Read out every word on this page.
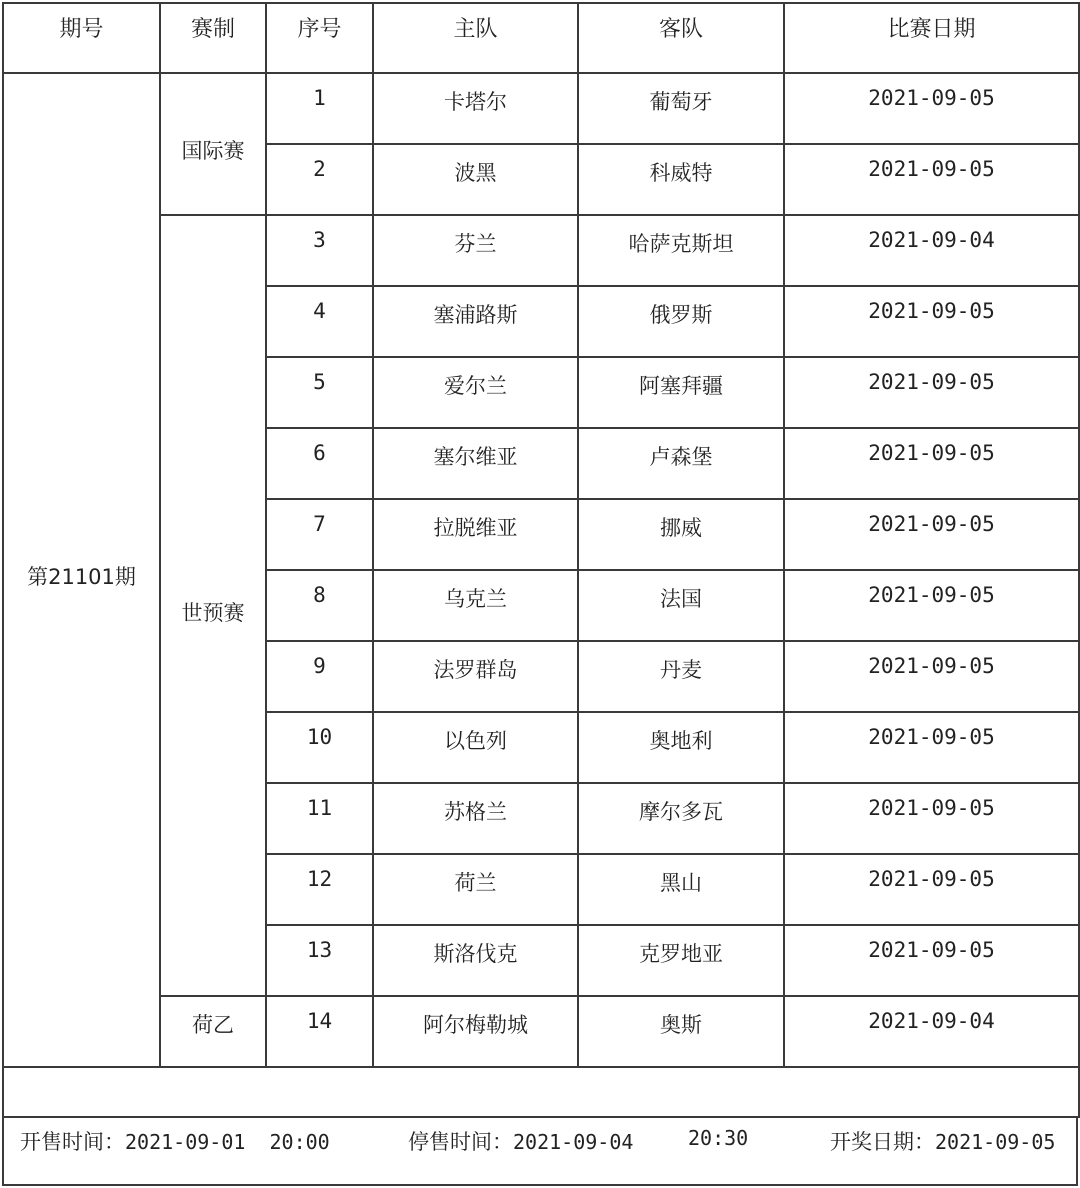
期号	赛制	序号	主队	客队	比赛日期
第21101期	国际赛	1	卡塔尔	葡萄牙	2021-09-05
		2	波黑	科威特	2021-09-05
	世预赛	3	芬兰	哈萨克斯坦	2021-09-04
		4	塞浦路斯	俄罗斯	2021-09-05
		5	爱尔兰	阿塞拜疆	2021-09-05
		6	塞尔维亚	卢森堡	2021-09-05
		7	拉脱维亚	挪威	2021-09-05
		8	乌克兰	法国	2021-09-05
		9	法罗群岛	丹麦	2021-09-05
		10	以色列	奥地利	2021-09-05
		11	苏格兰	摩尔多瓦	2021-09-05
		12	荷兰	黑山	2021-09-05
		13	斯洛伐克	克罗地亚	2021-09-05
	荷乙	14	阿尔梅勒城	奥斯	2021-09-04

开售时间：2021-09-01  20:00	停售时间：2021-09-04	20:30	开奖日期：2021-09-05
